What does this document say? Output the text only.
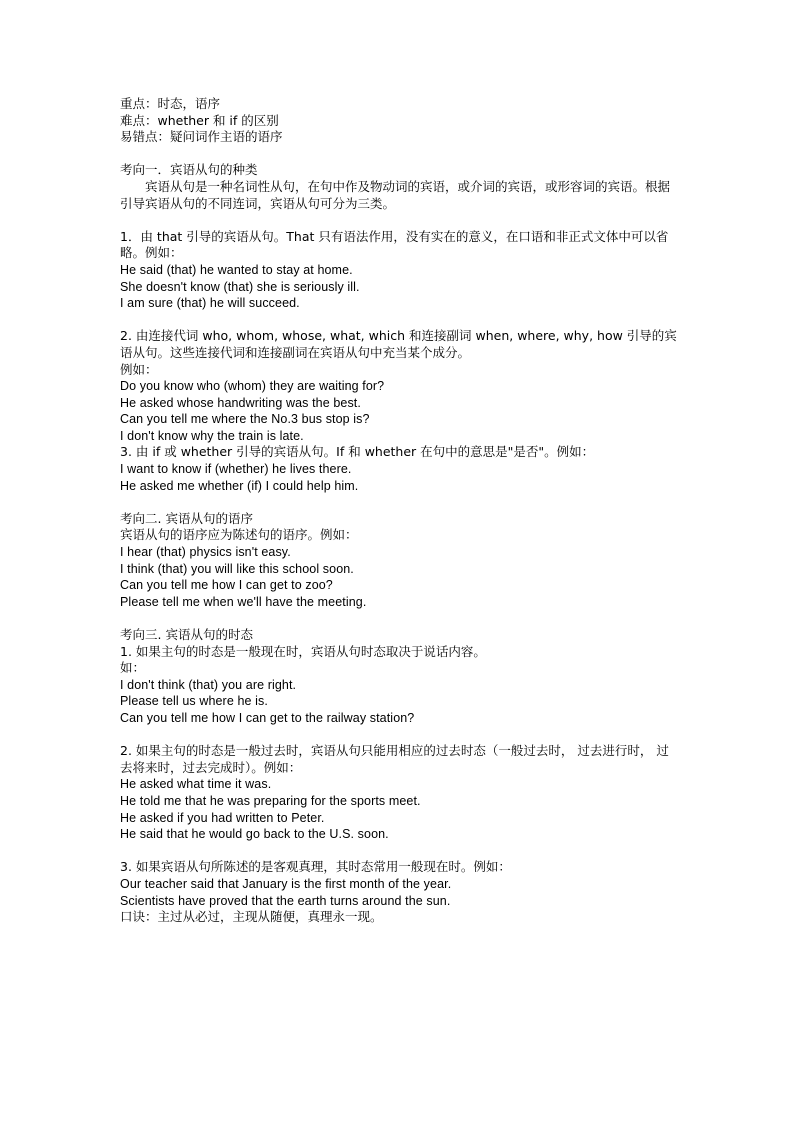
重点：时态，语序
难点：whether 和 if 的区别
易错点：疑问词作主语的语序
考向一．宾语从句的种类
宾语从句是一种名词性从句，在句中作及物动词的宾语，或介词的宾语，或形容词的宾语。根据引导宾语从句的不同连词，宾语从句可分为三类。
1．由 that 引导的宾语从句。That 只有语法作用，没有实在的意义，在口语和非正式文体中可以省略。例如：
He said (that) he wanted to stay at home.
She doesn't know (that) she is seriously ill.
I am sure (that) he will succeed.
2. 由连接代词 who, whom, whose, what, which 和连接副词 when, where, why, how 引导的宾语从句。这些连接代词和连接副词在宾语从句中充当某个成分。
例如：
Do you know who (whom) they are waiting for?
He asked whose handwriting was the best.
Can you tell me where the No.3 bus stop is?
I don't know why the train is late.
3. 由 if 或 whether 引导的宾语从句。If 和 whether 在句中的意思是"是否"。例如：
I want to know if (whether) he lives there.
He asked me whether (if) I could help him.
考向二. 宾语从句的语序
宾语从句的语序应为陈述句的语序。例如：
I hear (that) physics isn't easy.
I think (that) you will like this school soon.
Can you tell me how I can get to zoo?
Please tell me when we'll have the meeting.
考向三. 宾语从句的时态
1. 如果主句的时态是一般现在时，宾语从句时态取决于说话内容。
如：
I don't think (that) you are right.
Please tell us where he is.
Can you tell me how I can get to the railway station?
2. 如果主句的时态是一般过去时，宾语从句只能用相应的过去时态（一般过去时， 过去进行时， 过去将来时，过去完成时）。例如：
He asked what time it was.
He told me that he was preparing for the sports meet.
He asked if you had written to Peter.
He said that he would go back to the U.S. soon.
3. 如果宾语从句所陈述的是客观真理，其时态常用一般现在时。例如：
Our teacher said that January is the first month of the year.
Scientists have proved that the earth turns around the sun.
口诀：主过从必过，主现从随便，真理永一现。
